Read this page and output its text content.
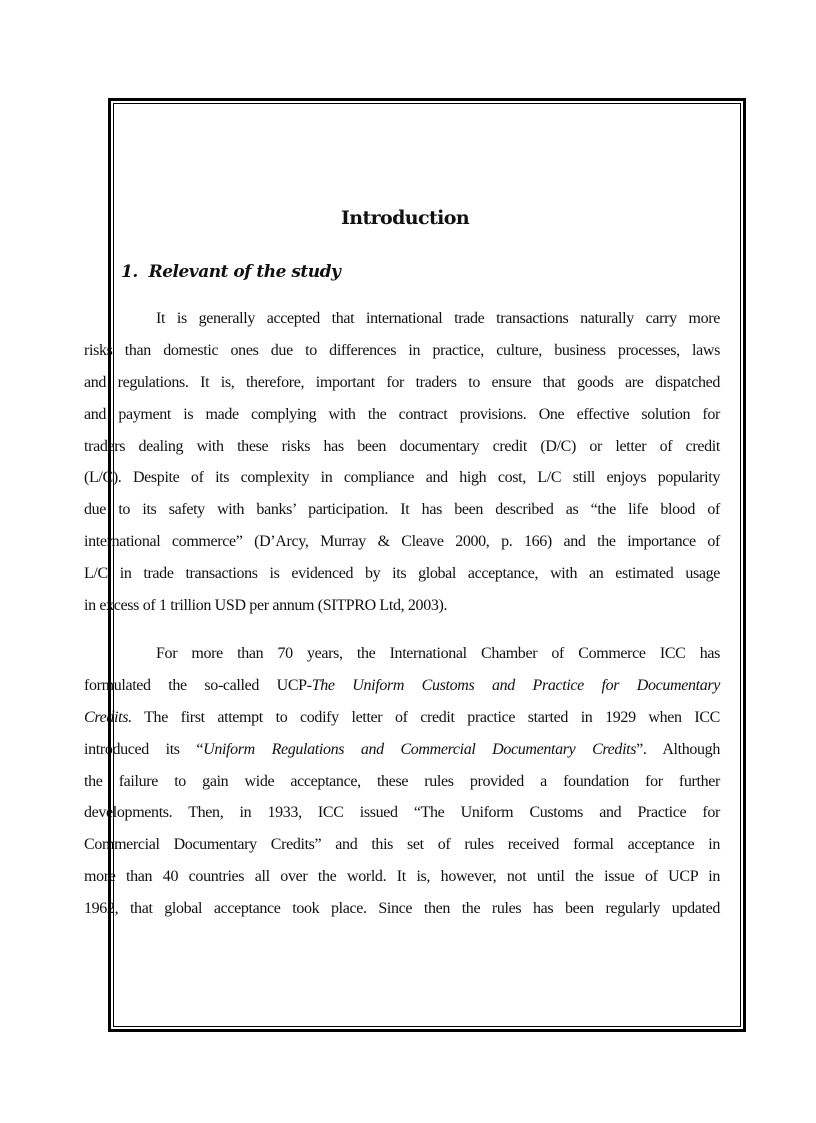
Introduction
1. Relevant of the study
It is generally accepted that international trade transactions naturally carry more
risks than domestic ones due to differences in practice, culture, business processes, laws
and regulations. It is, therefore, important for traders to ensure that goods are dispatched
and payment is made complying with the contract provisions. One effective solution for
traders dealing with these risks has been documentary credit (D/C) or letter of credit
(L/C). Despite of its complexity in compliance and high cost, L/C still enjoys popularity
due to its safety with banks’ participation. It has been described as “the life blood of
international commerce” (D’Arcy, Murray & Cleave 2000, p. 166) and the importance of
L/C in trade transactions is evidenced by its global acceptance, with an estimated usage
in excess of 1 trillion USD per annum (SITPRO Ltd, 2003).
For more than 70 years, the International Chamber of Commerce ICC has
formulated the so-called UCP-The Uniform Customs and Practice for Documentary
Credits. The first attempt to codify letter of credit practice started in 1929 when ICC
introduced its “Uniform Regulations and Commercial Documentary Credits”. Although
the failure to gain wide acceptance, these rules provided a foundation for further
developments. Then, in 1933, ICC issued “The Uniform Customs and Practice for
Commercial Documentary Credits” and this set of rules received formal acceptance in
more than 40 countries all over the world. It is, however, not until the issue of UCP in
1962, that global acceptance took place. Since then the rules has been regularly updated
